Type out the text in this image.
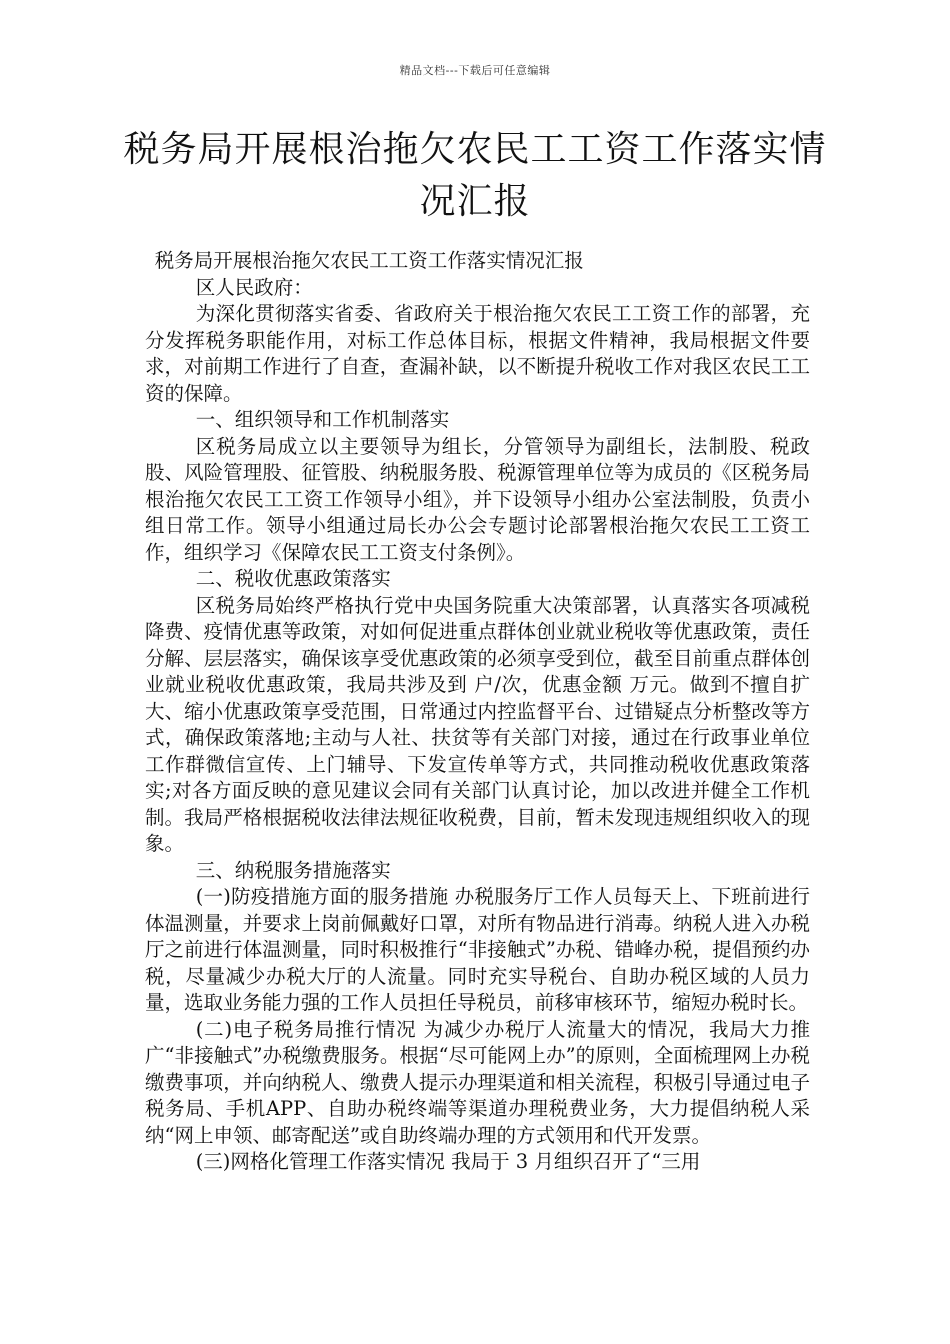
精品文档---下载后可任意编辑
税务局开展根治拖欠农民工工资工作落实情况汇报

税务局开展根治拖欠农民工工资工作落实情况汇报

区人民政府：

为深化贯彻落实省委、省政府关于根治拖欠农民工工资工作的部署，充分发挥税务职能作用，对标工作总体目标，根据文件精神，我局根据文件要求，对前期工作进行了自查，查漏补缺，以不断提升税收工作对我区农民工工资的保障。

一、组织领导和工作机制落实

区税务局成立以主要领导为组长，分管领导为副组长，法制股、税政股、风险管理股、征管股、纳税服务股、税源管理单位等为成员的《区税务局根治拖欠农民工工资工作领导小组》，并下设领导小组办公室法制股，负责小组日常工作。领导小组通过局长办公会专题讨论部署根治拖欠农民工工资工作，组织学习《保障农民工工资支付条例》。

二、税收优惠政策落实

区税务局始终严格执行党中央国务院重大决策部署，认真落实各项减税降费、疫情优惠等政策，对如何促进重点群体创业就业税收等优惠政策，责任分解、层层落实，确保该享受优惠政策的必须享受到位，截至目前重点群体创业就业税收优惠政策，我局共涉及到 户/次，优惠金额 万元。做到不擅自扩大、缩小优惠政策享受范围，日常通过内控监督平台、过错疑点分析整改等方式，确保政策落地;主动与人社、扶贫等有关部门对接，通过在行政事业单位工作群微信宣传、上门辅导、下发宣传单等方式，共同推动税收优惠政策落实;对各方面反映的意见建议会同有关部门认真讨论，加以改进并健全工作机制。我局严格根据税收法律法规征收税费，目前，暂未发现违规组织收入的现象。

三、纳税服务措施落实

(一)防疫措施方面的服务措施 办税服务厅工作人员每天上、下班前进行体温测量，并要求上岗前佩戴好口罩，对所有物品进行消毒。纳税人进入办税厅之前进行体温测量，同时积极推行“非接触式”办税、错峰办税，提倡预约办税，尽量减少办税大厅的人流量。同时充实导税台、自助办税区域的人员力量，选取业务能力强的工作人员担任导税员，前移审核环节，缩短办税时长。

(二)电子税务局推行情况 为减少办税厅人流量大的情况，我局大力推广“非接触式”办税缴费服务。根据“尽可能网上办”的原则，全面梳理网上办税缴费事项，并向纳税人、缴费人提示办理渠道和相关流程，积极引导通过电子税务局、手机APP、自助办税终端等渠道办理税费业务，大力提倡纳税人采纳“网上申领、邮寄配送”或自助终端办理的方式领用和代开发票。

(三)网格化管理工作落实情况 我局于 3 月组织召开了“三用
